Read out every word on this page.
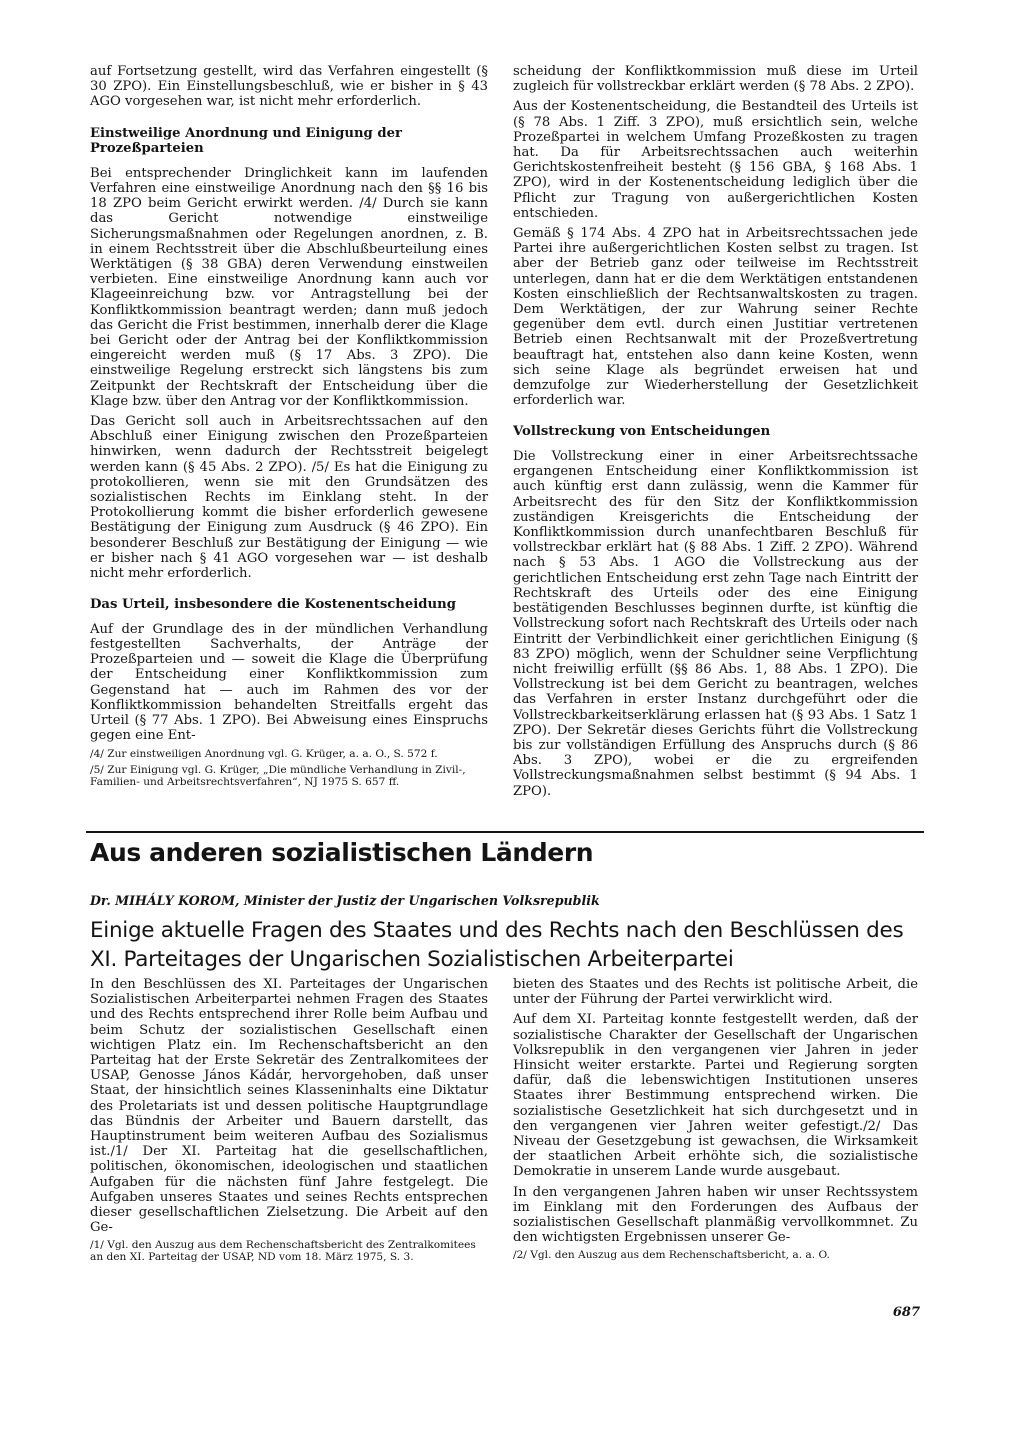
auf Fortsetzung gestellt, wird das Verfahren eingestellt (§ 30 ZPO). Ein Einstellungsbeschluß, wie er bisher in § 43 AGO vorgesehen war, ist nicht mehr erforderlich.

Einstweilige Anordnung und Einigung der Prozeßparteien

Bei entsprechender Dringlichkeit kann im laufenden Verfahren eine einstweilige Anordnung nach den §§ 16 bis 18 ZPO beim Gericht erwirkt werden. /4/ Durch sie kann das Gericht notwendige einstweilige Sicherungsmaßnahmen oder Regelungen anordnen, z. B. in einem Rechtsstreit über die Abschlußbeurteilung eines Werktätigen (§ 38 GBA) deren Verwendung einstweilen verbieten. Eine einstweilige Anordnung kann auch vor Klageeinreichung bzw. vor Antragstellung bei der Konfliktkommission beantragt werden; dann muß jedoch das Gericht die Frist bestimmen, innerhalb derer die Klage bei Gericht oder der Antrag bei der Konfliktkommission eingereicht werden muß (§ 17 Abs. 3 ZPO). Die einstweilige Regelung erstreckt sich längstens bis zum Zeitpunkt der Rechtskraft der Entscheidung über die Klage bzw. über den Antrag vor der Konfliktkommission.

Das Gericht soll auch in Arbeitsrechtssachen auf den Abschluß einer Einigung zwischen den Prozeßparteien hinwirken, wenn dadurch der Rechtsstreit beigelegt werden kann (§ 45 Abs. 2 ZPO). /5/ Es hat die Einigung zu protokollieren, wenn sie mit den Grundsätzen des sozialistischen Rechts im Einklang steht. In der Protokollierung kommt die bisher erforderlich gewesene Bestätigung der Einigung zum Ausdruck (§ 46 ZPO). Ein besonderer Beschluß zur Bestätigung der Einigung — wie er bisher nach § 41 AGO vorgesehen war — ist deshalb nicht mehr erforderlich.

Das Urteil, insbesondere die Kostenentscheidung

Auf der Grundlage des in der mündlichen Verhandlung festgestellten Sachverhalts, der Anträge der Prozeßparteien und — soweit die Klage die Überprüfung der Entscheidung einer Konfliktkommission zum Gegenstand hat — auch im Rahmen des vor der Konfliktkommission behandelten Streitfalls ergeht das Urteil (§ 77 Abs. 1 ZPO). Bei Abweisung eines Einspruchs gegen eine Ent-

/4/ Zur einstweiligen Anordnung vgl. G. Krüger, a. a. O., S. 572 f.

/5/ Zur Einigung vgl. G. Krüger, „Die mündliche Verhandlung in Zivil-, Familien- und Arbeitsrechtsverfahren“, NJ 1975 S. 657 ff.

scheidung der Konfliktkommission muß diese im Urteil zugleich für vollstreckbar erklärt werden (§ 78 Abs. 2 ZPO).

Aus der Kostenentscheidung, die Bestandteil des Urteils ist (§ 78 Abs. 1 Ziff. 3 ZPO), muß ersichtlich sein, welche Prozeßpartei in welchem Umfang Prozeßkosten zu tragen hat. Da für Arbeitsrechtssachen auch weiterhin Gerichtskostenfreiheit besteht (§ 156 GBA, § 168 Abs. 1 ZPO), wird in der Kostenentscheidung lediglich über die Pflicht zur Tragung von außergerichtlichen Kosten entschieden.

Gemäß § 174 Abs. 4 ZPO hat in Arbeitsrechtssachen jede Partei ihre außergerichtlichen Kosten selbst zu tragen. Ist aber der Betrieb ganz oder teilweise im Rechtsstreit unterlegen, dann hat er die dem Werktätigen entstandenen Kosten einschließlich der Rechtsanwaltskosten zu tragen. Dem Werktätigen, der zur Wahrung seiner Rechte gegenüber dem evtl. durch einen Justitiar vertretenen Betrieb einen Rechtsanwalt mit der Prozeßvertretung beauftragt hat, entstehen also dann keine Kosten, wenn sich seine Klage als begründet erweisen hat und demzufolge zur Wiederherstellung der Gesetzlichkeit erforderlich war.

Vollstreckung von Entscheidungen

Die Vollstreckung einer in einer Arbeitsrechtssache ergangenen Entscheidung einer Konfliktkommission ist auch künftig erst dann zulässig, wenn die Kammer für Arbeitsrecht des für den Sitz der Konfliktkommission zuständigen Kreisgerichts die Entscheidung der Konfliktkommission durch unanfechtbaren Beschluß für vollstreckbar erklärt hat (§ 88 Abs. 1 Ziff. 2 ZPO). Während nach § 53 Abs. 1 AGO die Vollstreckung aus der gerichtlichen Entscheidung erst zehn Tage nach Eintritt der Rechtskraft des Urteils oder des eine Einigung bestätigenden Beschlusses beginnen durfte, ist künftig die Vollstreckung sofort nach Rechtskraft des Urteils oder nach Eintritt der Verbindlichkeit einer gerichtlichen Einigung (§ 83 ZPO) möglich, wenn der Schuldner seine Verpflichtung nicht freiwillig erfüllt (§§ 86 Abs. 1, 88 Abs. 1 ZPO). Die Vollstreckung ist bei dem Gericht zu beantragen, welches das Verfahren in erster Instanz durchgeführt oder die Vollstreckbarkeitserklärung erlassen hat (§ 93 Abs. 1 Satz 1 ZPO). Der Sekretär dieses Gerichts führt die Vollstreckung bis zur vollständigen Erfüllung des Anspruchs durch (§ 86 Abs. 3 ZPO), wobei er die zu ergreifenden Vollstreckungsmaßnahmen selbst bestimmt (§ 94 Abs. 1 ZPO).

Aus anderen sozialistischen Ländern
Dr. MIHÁLY KOROM, Minister der Justiz der Ungarischen Volksrepublik
Einige aktuelle Fragen des Staates und des Rechts nach den Beschlüssen des XI. Parteitages der Ungarischen Sozialistischen Arbeiterpartei

In den Beschlüssen des XI. Parteitages der Ungarischen Sozialistischen Arbeiterpartei nehmen Fragen des Staates und des Rechts entsprechend ihrer Rolle beim Aufbau und beim Schutz der sozialistischen Gesellschaft einen wichtigen Platz ein. Im Rechenschaftsbericht an den Parteitag hat der Erste Sekretär des Zentralkomitees der USAP, Genosse János Kádár, hervorgehoben, daß unser Staat, der hinsichtlich seines Klasseninhalts eine Diktatur des Proletariats ist und dessen politische Hauptgrundlage das Bündnis der Arbeiter und Bauern darstellt, das Hauptinstrument beim weiteren Aufbau des Sozialismus ist./1/ Der XI. Parteitag hat die gesellschaftlichen, politischen, ökonomischen, ideologischen und staatlichen Aufgaben für die nächsten fünf Jahre festgelegt. Die Aufgaben unseres Staates und seines Rechts entsprechen dieser gesellschaftlichen Zielsetzung. Die Arbeit auf den Ge-

/1/ Vgl. den Auszug aus dem Rechenschaftsbericht des Zentralkomitees an den XI. Parteitag der USAP, ND vom 18. März 1975, S. 3.

bieten des Staates und des Rechts ist politische Arbeit, die unter der Führung der Partei verwirklicht wird.

Auf dem XI. Parteitag konnte festgestellt werden, daß der sozialistische Charakter der Gesellschaft der Ungarischen Volksrepublik in den vergangenen vier Jahren in jeder Hinsicht weiter erstarkte. Partei und Regierung sorgten dafür, daß die lebenswichtigen Institutionen unseres Staates ihrer Bestimmung entsprechend wirken. Die sozialistische Gesetzlichkeit hat sich durchgesetzt und in den vergangenen vier Jahren weiter gefestigt./2/ Das Niveau der Gesetzgebung ist gewachsen, die Wirksamkeit der staatlichen Arbeit erhöhte sich, die sozialistische Demokratie in unserem Lande wurde ausgebaut.

In den vergangenen Jahren haben wir unser Rechtssystem im Einklang mit den Forderungen des Aufbaus der sozialistischen Gesellschaft planmäßig vervollkommnet. Zu den wichtigsten Ergebnissen unserer Ge-

/2/ Vgl. den Auszug aus dem Rechenschaftsbericht, a. a. O.

687
